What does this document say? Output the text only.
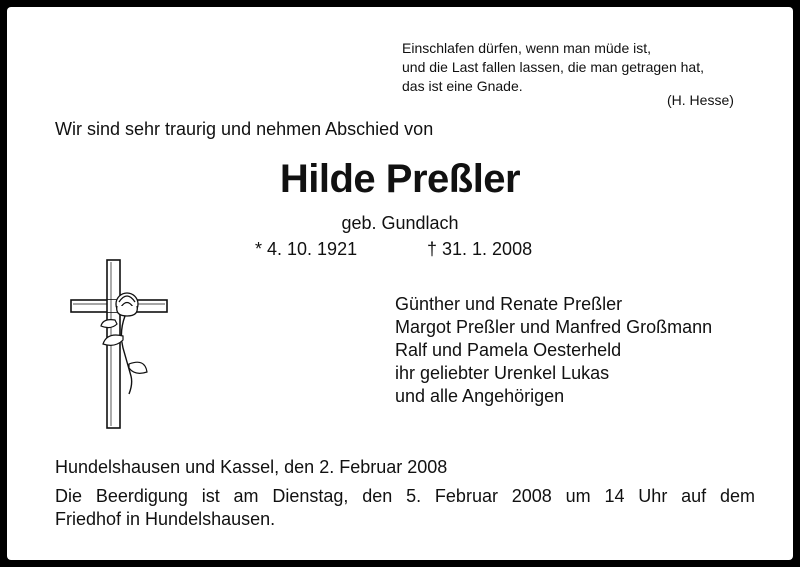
Einschlafen dürfen, wenn man müde ist,
und die Last fallen lassen, die man getragen hat,
das ist eine Gnade.
(H. Hesse)
Wir sind sehr traurig und nehmen Abschied von
Hilde Preßler
geb. Gundlach
* 4. 10. 1921	† 31. 1. 2008
Günther und Renate Preßler
Margot Preßler und Manfred Großmann
Ralf und Pamela Oesterheld
ihr geliebter Urenkel Lukas
und alle Angehörigen
Hundelshausen und Kassel, den 2. Februar 2008
Die Beerdigung ist am Dienstag, den 5. Februar 2008 um 14 Uhr auf dem
Friedhof in Hundelshausen.
